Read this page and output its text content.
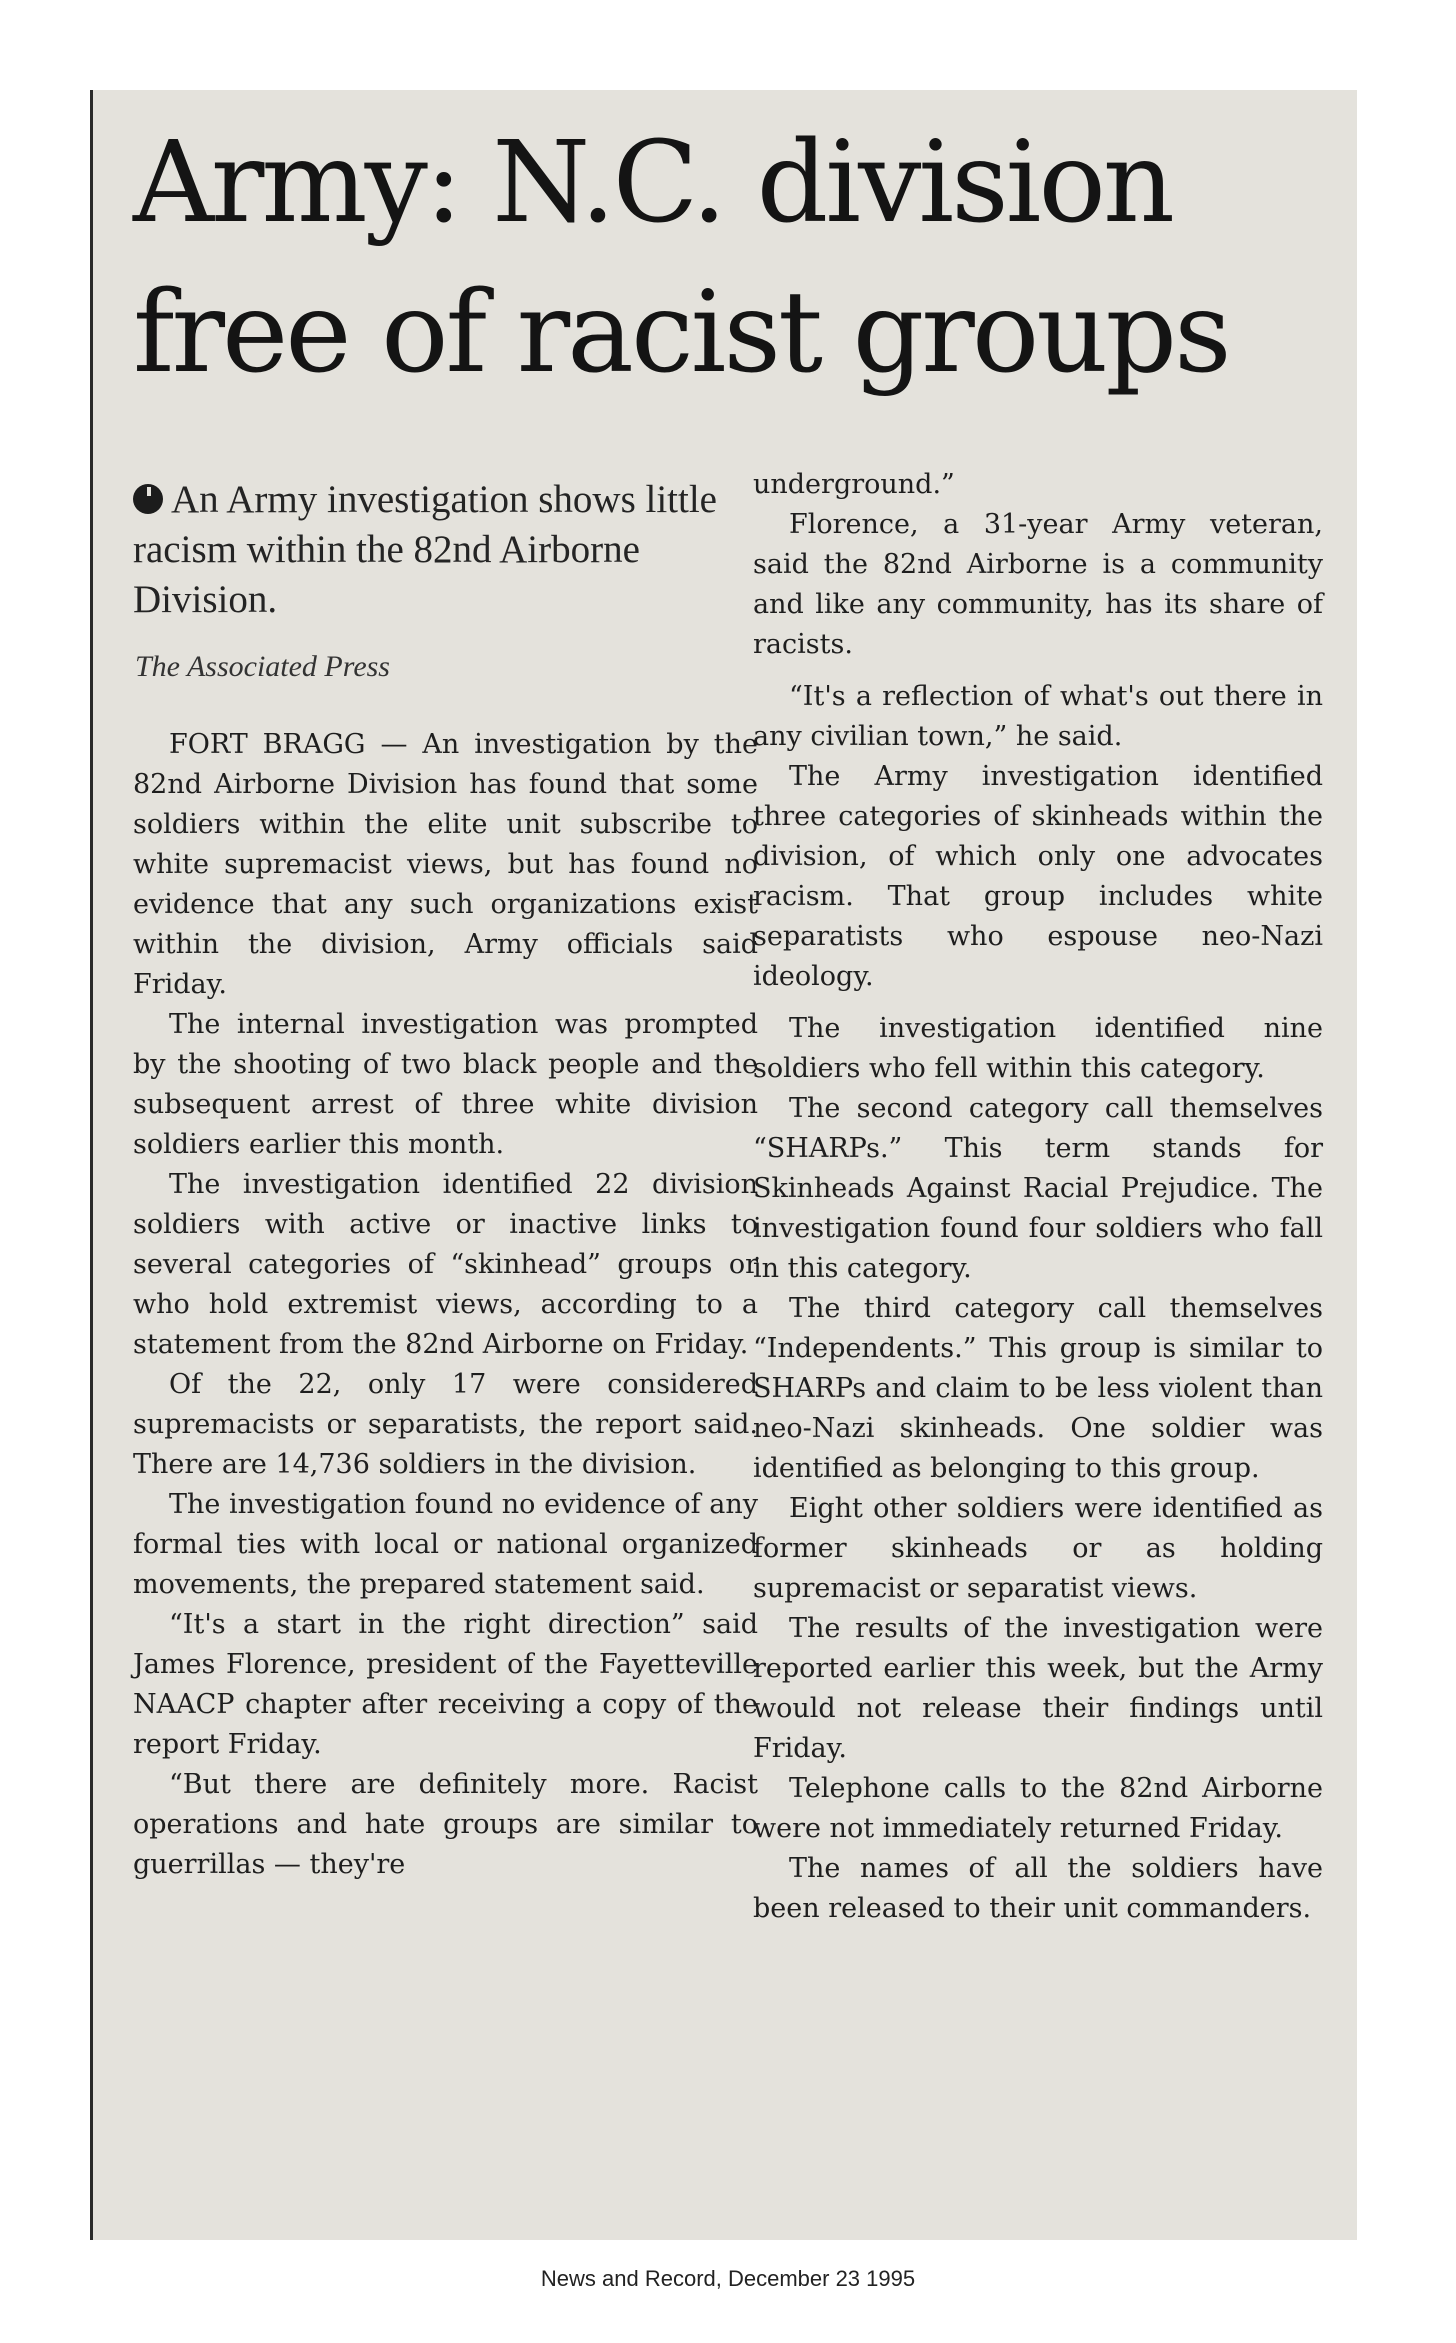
Army: N.C. division
free of racist groups

An Army investigation shows little racism within the 82nd Airborne Division.

The Associated Press

FORT BRAGG — An investigation by the 82nd Airborne Division has found that some soldiers within the elite unit subscribe to white supremacist views, but has found no evidence that any such organizations exist within the division, Army officials said Friday.

The internal investigation was prompted by the shooting of two black people and the subsequent arrest of three white division soldiers earlier this month.

The investigation identified 22 division soldiers with active or inactive links to several categories of “skinhead” groups or who hold extremist views, according to a statement from the 82nd Airborne on Friday.

Of the 22, only 17 were considered supremacists or separatists, the report said. There are 14,736 soldiers in the division.

The investigation found no evidence of any formal ties with local or national organized movements, the prepared statement said.

“It's a start in the right direction” said James Florence, president of the Fayetteville NAACP chapter after receiving a copy of the report Friday.

“But there are definitely more. Racist operations and hate groups are similar to guerrillas — they're

underground.”

Florence, a 31-year Army veteran, said the 82nd Airborne is a community and like any community, has its share of racists.

“It's a reflection of what's out there in any civilian town,” he said.

The Army investigation identified three categories of skinheads within the division, of which only one advocates racism. That group includes white separatists who espouse neo-Nazi ideology.

The investigation identified nine soldiers who fell within this category.

The second category call themselves “SHARPs.” This term stands for Skinheads Against Racial Prejudice. The investigation found four soldiers who fall in this category.

The third category call themselves “Independents.” This group is similar to SHARPs and claim to be less violent than neo-Nazi skinheads. One soldier was identified as belonging to this group.

Eight other soldiers were identified as former skinheads or as holding supremacist or separatist views.

The results of the investigation were reported earlier this week, but the Army would not release their findings until Friday.

Telephone calls to the 82nd Airborne were not immediately returned Friday.

The names of all the soldiers have been released to their unit commanders.

News and Record, December 23 1995
